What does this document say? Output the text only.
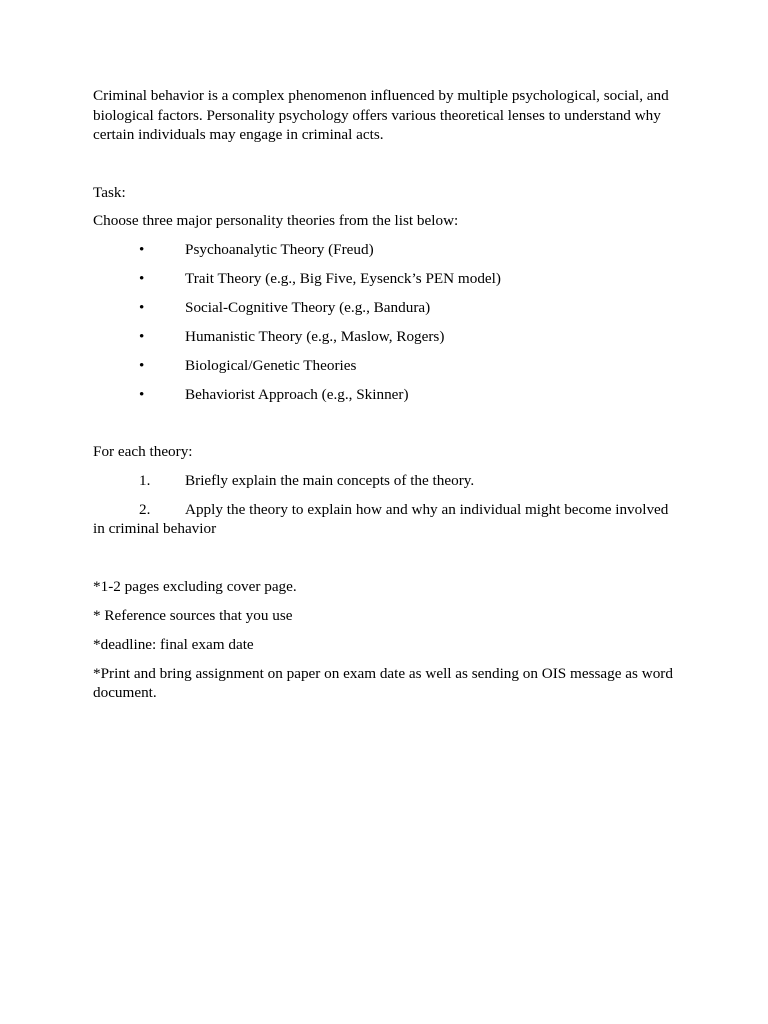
Criminal behavior is a complex phenomenon influenced by multiple psychological, social, and biological factors. Personality psychology offers various theoretical lenses to understand why certain individuals may engage in criminal acts.

Task:

Choose three major personality theories from the list below:

•	Psychoanalytic Theory (Freud)
•	Trait Theory (e.g., Big Five, Eysenck’s PEN model)
•	Social-Cognitive Theory (e.g., Bandura)
•	Humanistic Theory (e.g., Maslow, Rogers)
•	Biological/Genetic Theories
•	Behaviorist Approach (e.g., Skinner)

For each theory:

1. Briefly explain the main concepts of the theory.
2. Apply the theory to explain how and why an individual might become involved in criminal behavior

*1-2 pages excluding cover page.

* Reference sources that you use

*deadline: final exam date

*Print and bring assignment on paper on exam date as well as sending on OIS message as word document.
